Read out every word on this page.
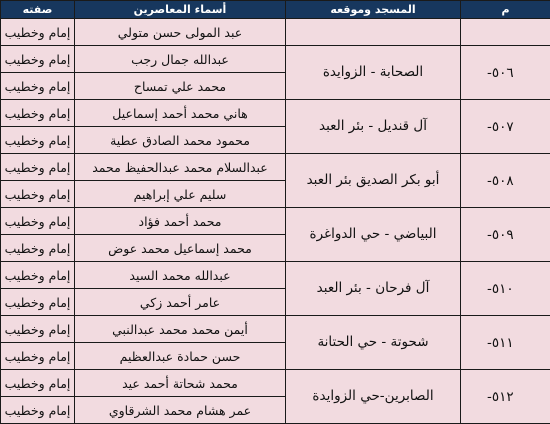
م	المسجد وموقعه	أسماء المعاصرين	صفته
		عبد المولى حسن متولي	إمام وخطيب
٥٠٦-	الصحابة - الزوايدة	عبدالله جمال رجب	إمام وخطيب
		محمد علي تمساح	إمام وخطيب
٥٠٧-	آل قنديل - بئر العبد	هاني محمد أحمد إسماعيل	إمام وخطيب
		محمود محمد الصادق عطية	إمام وخطيب
٥٠٨-	أبو بكر الصديق بئر العبد	عبدالسلام محمد عبدالحفيظ محمد	إمام وخطيب
		سليم علي إبراهيم	إمام وخطيب
٥٠٩-	البياضي - حي الدواغرة	محمد أحمد فؤاد	إمام وخطيب
		محمد إسماعيل محمد عوض	إمام وخطيب
٥١٠-	آل فرحان - بئر العبد	عبدالله محمد السيد	إمام وخطيب
		عامر أحمد زكي	إمام وخطيب
٥١١-	شحوتة - حي الحتانة	أيمن محمد محمد عبدالنبي	إمام وخطيب
		حسن حمادة عبدالعظيم	إمام وخطيب
٥١٢-	الصابرين-حي الزوايدة	محمد شحاتة أحمد عيد	إمام وخطيب
		عمر هشام محمد الشرقاوي	إمام وخطيب
